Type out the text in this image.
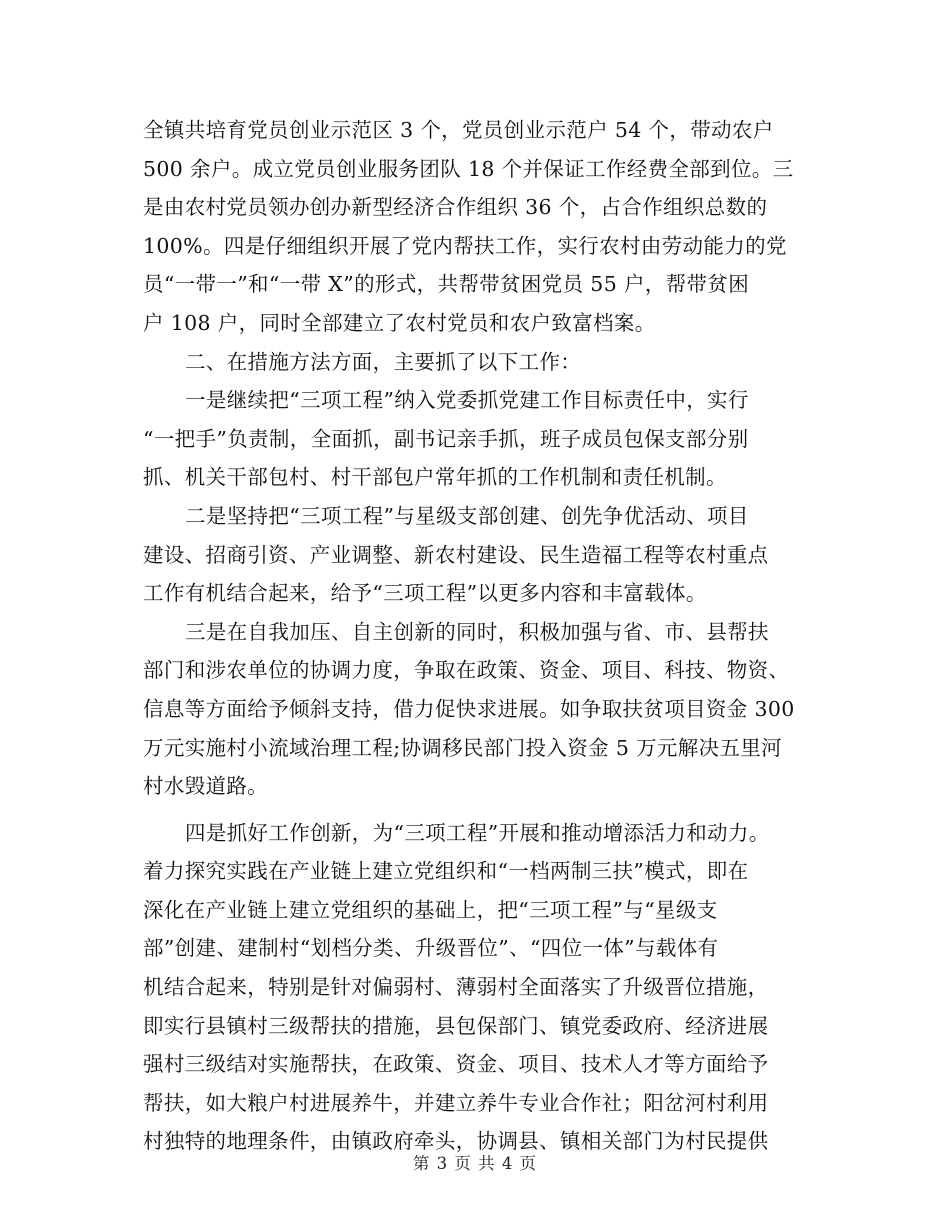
全镇共培育党员创业示范区 3 个，党员创业示范户 54 个，带动农户
500 余户。成立党员创业服务团队 18 个并保证工作经费全部到位。三
是由农村党员领办创办新型经济合作组织 36 个，占合作组织总数的
100%。四是仔细组织开展了党内帮扶工作，实行农村由劳动能力的党
员“一带一”和“一带 X”的形式，共帮带贫困党员 55 户，帮带贫困
户 108 户，同时全部建立了农村党员和农户致富档案。
二、在措施方法方面，主要抓了以下工作：
一是继续把“三项工程”纳入党委抓党建工作目标责任中，实行
“一把手”负责制，全面抓，副书记亲手抓，班子成员包保支部分别
抓、机关干部包村、村干部包户常年抓的工作机制和责任机制。
二是坚持把“三项工程”与星级支部创建、创先争优活动、项目
建设、招商引资、产业调整、新农村建设、民生造福工程等农村重点
工作有机结合起来，给予“三项工程”以更多内容和丰富载体。
三是在自我加压、自主创新的同时，积极加强与省、市、县帮扶
部门和涉农单位的协调力度，争取在政策、资金、项目、科技、物资、
信息等方面给予倾斜支持，借力促快求进展。如争取扶贫项目资金 300
万元实施村小流域治理工程;协调移民部门投入资金 5 万元解决五里河
村水毁道路。
四是抓好工作创新，为“三项工程”开展和推动增添活力和动力。
着力探究实践在产业链上建立党组织和“一档两制三扶”模式，即在
深化在产业链上建立党组织的基础上，把“三项工程”与“星级支
部”创建、建制村“划档分类、升级晋位”、“四位一体”与载体有
机结合起来，特别是针对偏弱村、薄弱村全面落实了升级晋位措施，
即实行县镇村三级帮扶的措施，县包保部门、镇党委政府、经济进展
强村三级结对实施帮扶，在政策、资金、项目、技术人才等方面给予
帮扶，如大粮户村进展养牛，并建立养牛专业合作社；阳岔河村利用
村独特的地理条件，由镇政府牵头，协调县、镇相关部门为村民提供
第 3 页 共 4 页
